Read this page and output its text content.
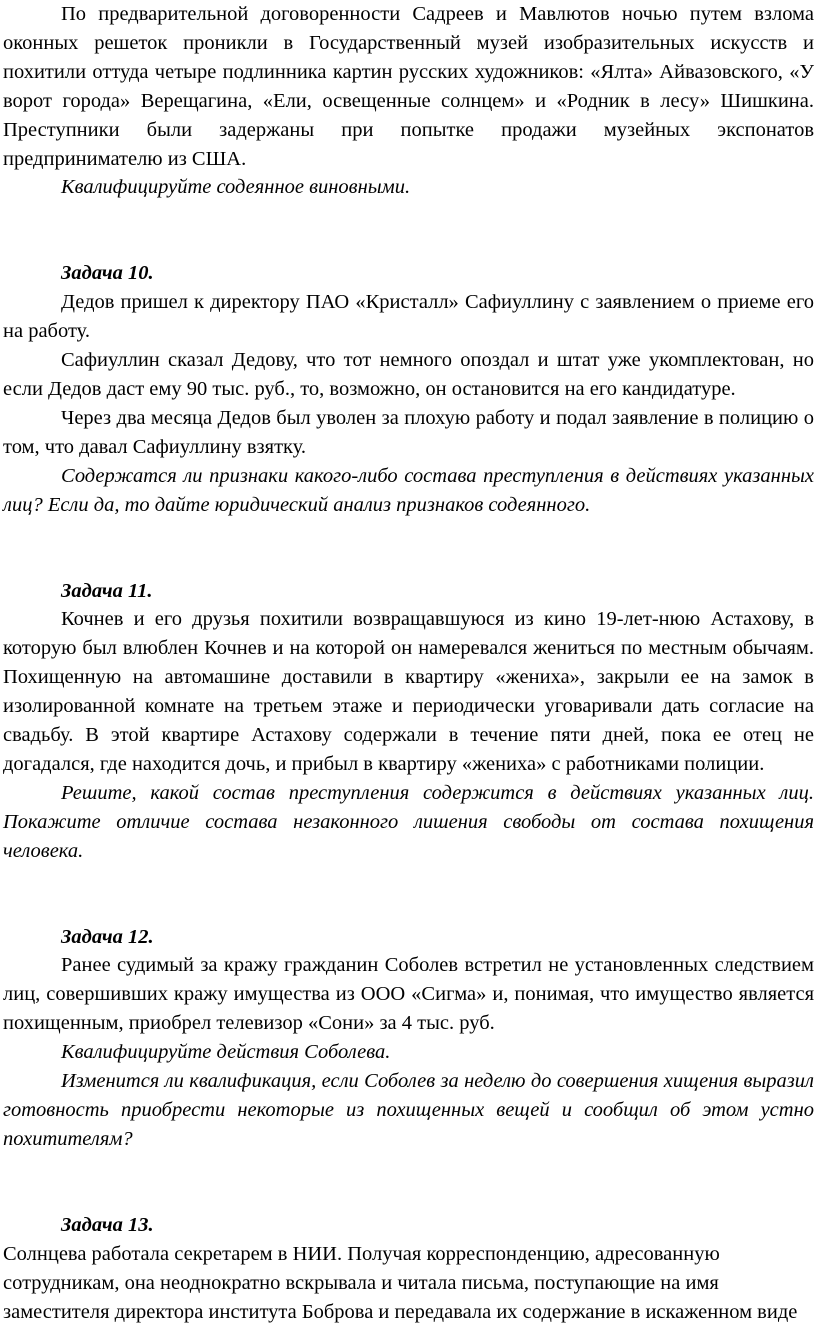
По предварительной договоренности Садреев и Мавлютов ночью путем взлома оконных решеток проникли в Государственный музей изобразительных искусств и похитили оттуда четыре подлинника картин русских художников: «Ялта» Айвазовского, «У ворот города» Верещагина, «Ели, освещенные солнцем» и «Родник в лесу» Шишкина. Преступники были задержаны при попытке продажи музейных экспонатов предпринимателю из США.

Квалифицируйте содеянное виновными.

Задача 10.

Дедов пришел к директору ПАО «Кристалл» Сафиуллину с заявлением о приеме его на работу.

Сафиуллин сказал Дедову, что тот немного опоздал и штат уже укомплектован, но если Дедов даст ему 90 тыс. руб., то, возможно, он остановится на его кандидатуре.

Через два месяца Дедов был уволен за плохую работу и подал заявление в полицию о том, что давал Сафиуллину взятку.

Содержатся ли признаки какого-либо состава преступления в действиях указанных лиц? Если да, то дайте юридический анализ признаков содеянного.

Задача 11.

Кочнев и его друзья похитили возвращавшуюся из кино 19-лет-нюю Астахову, в которую был влюблен Кочнев и на которой он намеревался жениться по местным обычаям. Похищенную на автомашине доставили в квартиру «жениха», закрыли ее на замок в изолированной комнате на третьем этаже и периодически уговаривали дать согласие на свадьбу. В этой квартире Астахову содержали в течение пяти дней, пока ее отец не догадался, где находится дочь, и прибыл в квартиру «жениха» с работниками полиции.

Решите, какой состав преступления содержится в действиях указанных лиц. Покажите отличие состава незаконного лишения свободы от состава похищения человека.

Задача 12.

Ранее судимый за кражу гражданин Соболев встретил не установленных следствием лиц, совершивших кражу имущества из ООО «Сигма» и, понимая, что имущество является похищенным, приобрел телевизор «Сони» за 4 тыс. руб.

Квалифицируйте действия Соболева.

Изменится ли квалификация, если Соболев за неделю до совершения хищения выразил готовность приобрести некоторые из похищенных вещей и сообщил об этом устно похитителям?

Задача 13.

Солнцева работала секретарем в НИИ. Получая корреспонденцию, адресованную сотрудникам, она неоднократно вскрывала и читала письма, поступающие на имя заместителя директора института Боброва и передавала их содержание в искаженном виде
